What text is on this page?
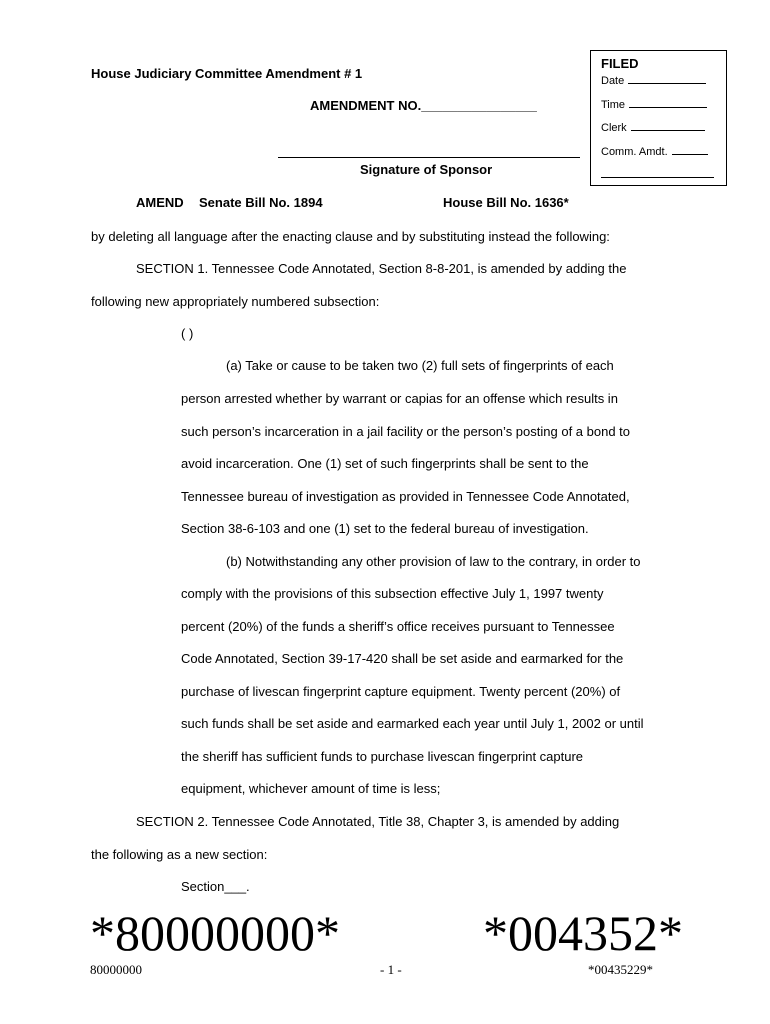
House Judiciary Committee Amendment # 1
AMENDMENT NO.________________
Signature of Sponsor
AMEND Senate Bill No. 1894	House Bill No. 1636*
FILED
Date
Time
Clerk
Comm. Amdt.
by deleting all language after the enacting clause and by substituting instead the following:
SECTION 1. Tennessee Code Annotated, Section 8-8-201, is amended by adding the
following new appropriately numbered subsection:
( )
(a) Take or cause to be taken two (2) full sets of fingerprints of each
person arrested whether by warrant or capias for an offense which results in
such person’s incarceration in a jail facility or the person’s posting of a bond to
avoid incarceration. One (1) set of such fingerprints shall be sent to the
Tennessee bureau of investigation as provided in Tennessee Code Annotated,
Section 38-6-103 and one (1) set to the federal bureau of investigation.
(b) Notwithstanding any other provision of law to the contrary, in order to
comply with the provisions of this subsection effective July 1, 1997 twenty
percent (20%) of the funds a sheriff’s office receives pursuant to Tennessee
Code Annotated, Section 39-17-420 shall be set aside and earmarked for the
purchase of livescan fingerprint capture equipment. Twenty percent (20%) of
such funds shall be set aside and earmarked each year until July 1, 2002 or until
the sheriff has sufficient funds to purchase livescan fingerprint capture
equipment, whichever amount of time is less;
SECTION 2. Tennessee Code Annotated, Title 38, Chapter 3, is amended by adding
the following as a new section:
Section___.
*80000000*	*004352*
80000000	- 1 -	*00435229*
